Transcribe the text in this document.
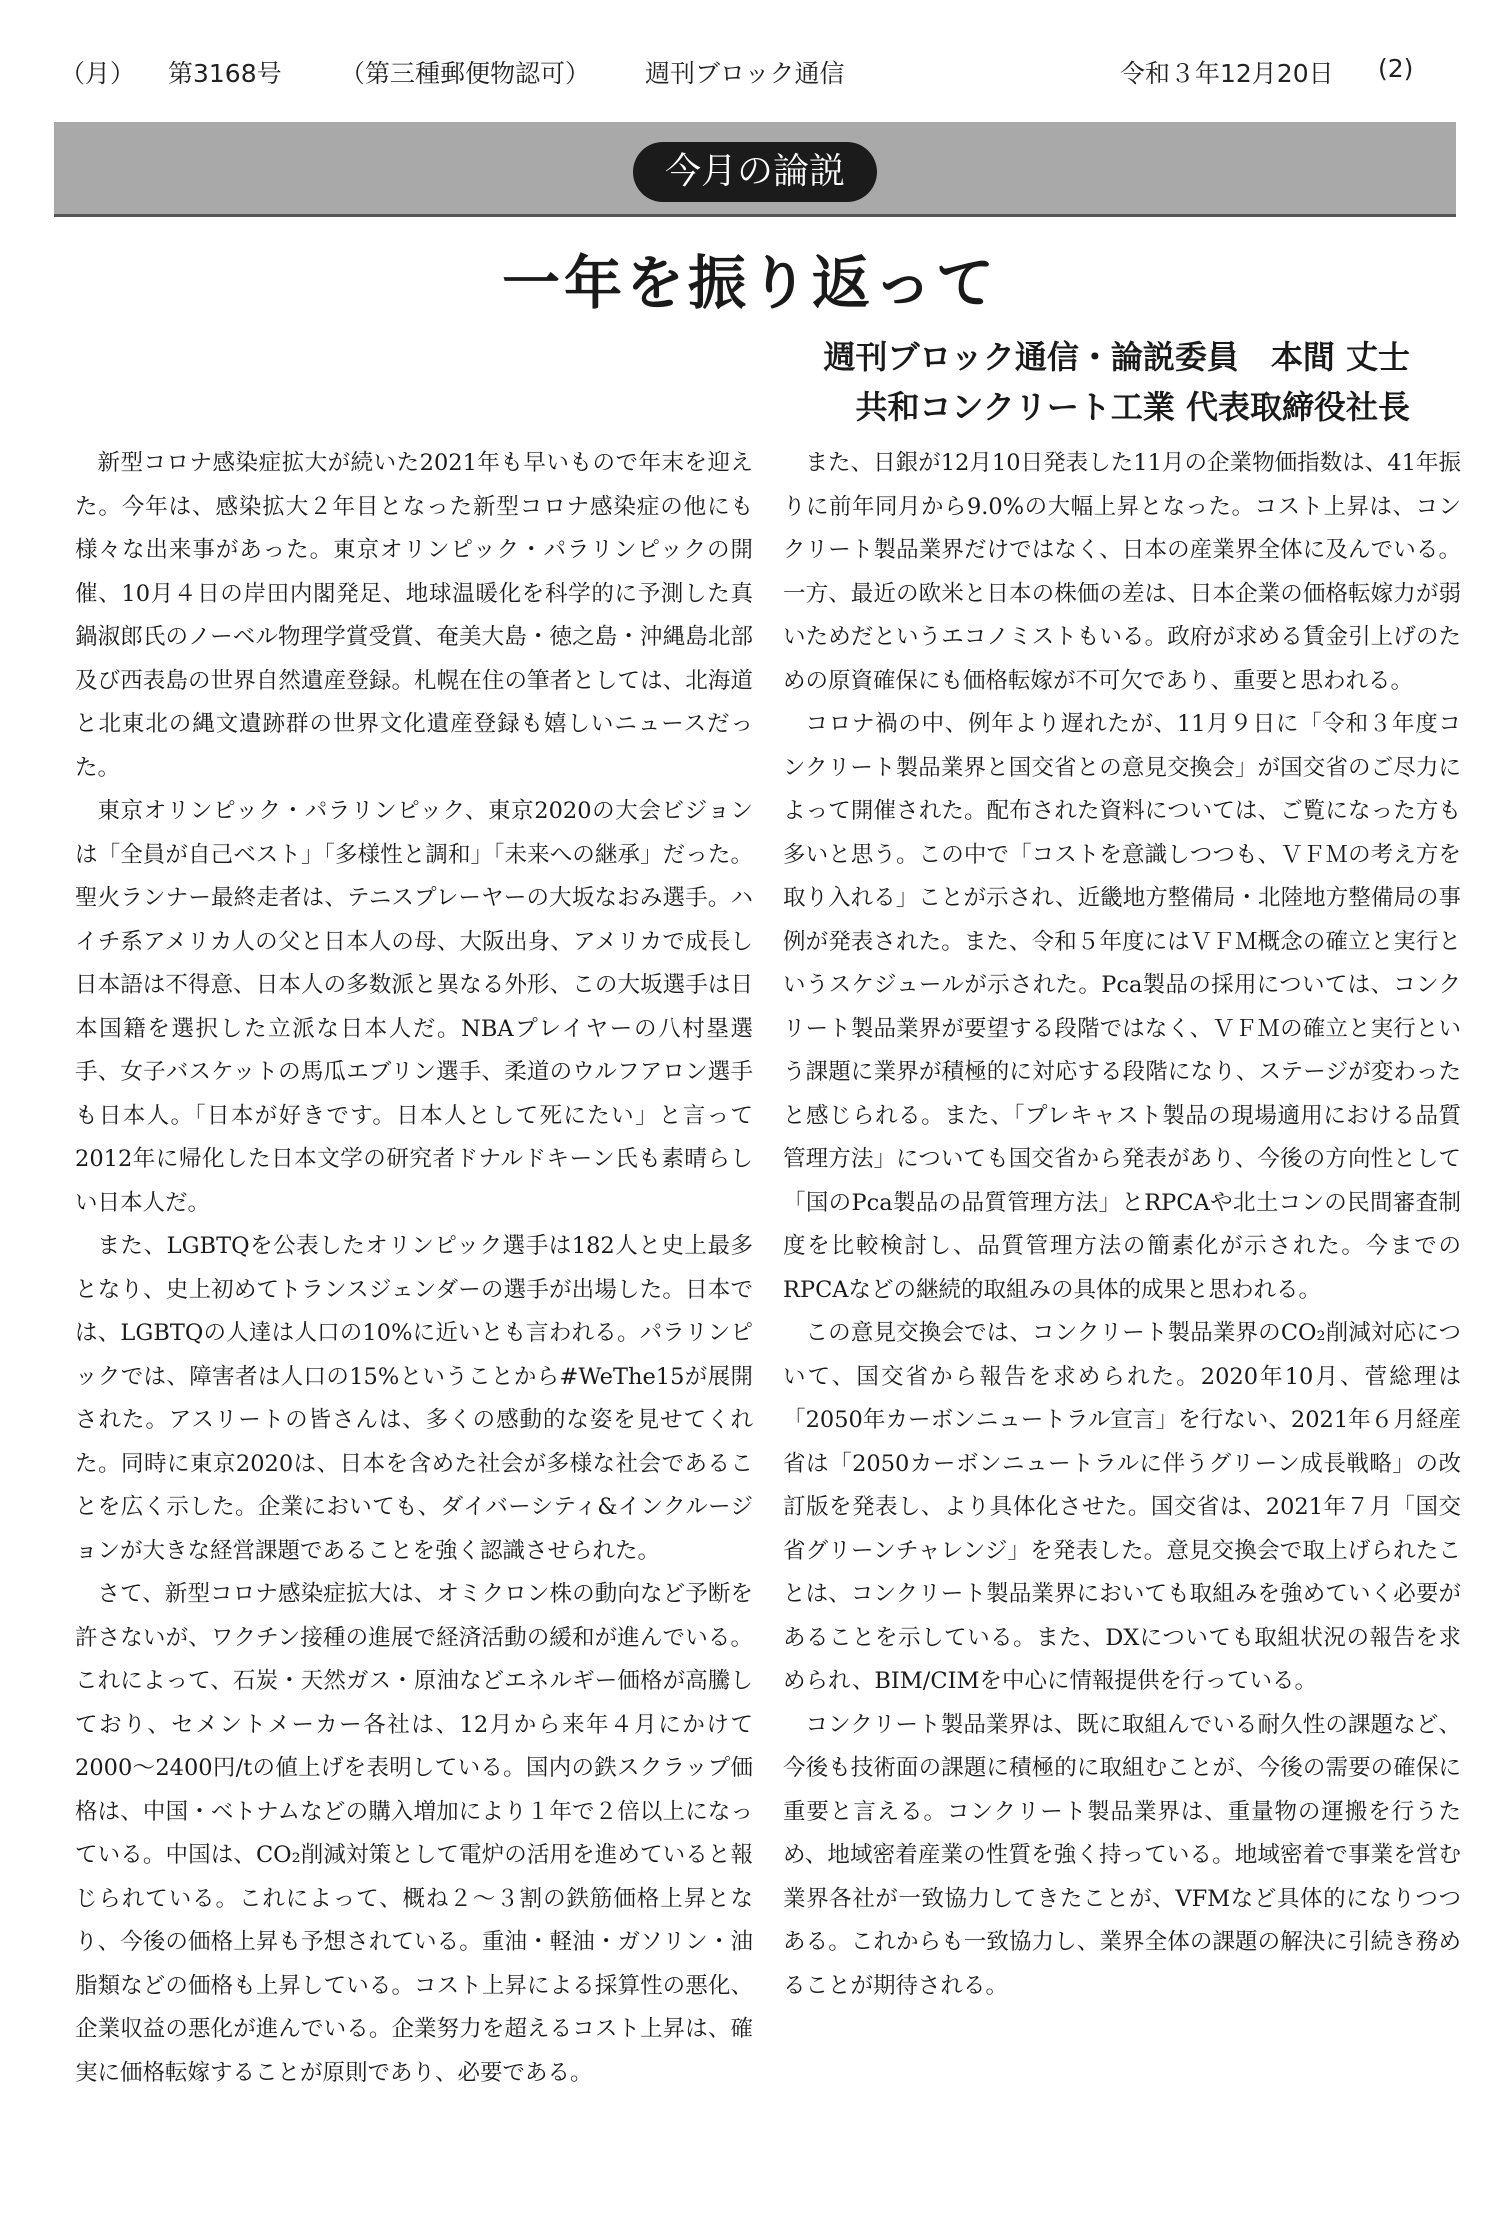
（月） 第3168号 （第三種郵便物認可） 週刊ブロック通信	令和３年12月20日 (2)
今月の論説
一年を振り返って
週刊ブロック通信・論説委員　本間 丈士
共和コンクリート工業 代表取締役社長

新型コロナ感染症拡大が続いた2021年も早いもので年末を迎えた。今年は、感染拡大２年目となった新型コロナ感染症の他にも様々な出来事があった。東京オリンピック・パラリンピックの開催、10月４日の岸田内閣発足、地球温暖化を科学的に予測した真鍋淑郎氏のノーベル物理学賞受賞、奄美大島・徳之島・沖縄島北部及び西表島の世界自然遺産登録。札幌在住の筆者としては、北海道と北東北の縄文遺跡群の世界文化遺産登録も嬉しいニュースだった。

東京オリンピック・パラリンピック、東京2020の大会ビジョンは「全員が自己ベスト」「多様性と調和」「未来への継承」だった。聖火ランナー最終走者は、テニスプレーヤーの大坂なおみ選手。ハイチ系アメリカ人の父と日本人の母、大阪出身、アメリカで成長し日本語は不得意、日本人の多数派と異なる外形、この大坂選手は日本国籍を選択した立派な日本人だ。NBAプレイヤーの八村塁選手、女子バスケットの馬瓜エブリン選手、柔道のウルフアロン選手も日本人。「日本が好きです。日本人として死にたい」と言って2012年に帰化した日本文学の研究者ドナルドキーン氏も素晴らしい日本人だ。

また、LGBTQを公表したオリンピック選手は182人と史上最多となり、史上初めてトランスジェンダーの選手が出場した。日本では、LGBTQの人達は人口の10%に近いとも言われる。パラリンピックでは、障害者は人口の15%ということから#WeThe15が展開された。アスリートの皆さんは、多くの感動的な姿を見せてくれた。同時に東京2020は、日本を含めた社会が多様な社会であることを広く示した。企業においても、ダイバーシティ&インクルージョンが大きな経営課題であることを強く認識させられた。

さて、新型コロナ感染症拡大は、オミクロン株の動向など予断を許さないが、ワクチン接種の進展で経済活動の緩和が進んでいる。これによって、石炭・天然ガス・原油などエネルギー価格が高騰しており、セメントメーカー各社は、12月から来年４月にかけて2000～2400円/tの値上げを表明している。国内の鉄スクラップ価格は、中国・ベトナムなどの購入増加により１年で２倍以上になっている。中国は、CO₂削減対策として電炉の活用を進めていると報じられている。これによって、概ね２～３割の鉄筋価格上昇となり、今後の価格上昇も予想されている。重油・軽油・ガソリン・油脂類などの価格も上昇している。コスト上昇による採算性の悪化、企業収益の悪化が進んでいる。企業努力を超えるコスト上昇は、確実に価格転嫁することが原則であり、必要である。

また、日銀が12月10日発表した11月の企業物価指数は、41年振りに前年同月から9.0%の大幅上昇となった。コスト上昇は、コンクリート製品業界だけではなく、日本の産業界全体に及んでいる。一方、最近の欧米と日本の株価の差は、日本企業の価格転嫁力が弱いためだというエコノミストもいる。政府が求める賃金引上げのための原資確保にも価格転嫁が不可欠であり、重要と思われる。

コロナ禍の中、例年より遅れたが、11月９日に「令和３年度コンクリート製品業界と国交省との意見交換会」が国交省のご尽力によって開催された。配布された資料については、ご覧になった方も多いと思う。この中で「コストを意識しつつも、ＶＦＭの考え方を取り入れる」ことが示され、近畿地方整備局・北陸地方整備局の事例が発表された。また、令和５年度にはＶＦＭ概念の確立と実行というスケジュールが示された。Pca製品の採用については、コンクリート製品業界が要望する段階ではなく、ＶＦＭの確立と実行という課題に業界が積極的に対応する段階になり、ステージが変わったと感じられる。また、「プレキャスト製品の現場適用における品質管理方法」についても国交省から発表があり、今後の方向性として「国のPca製品の品質管理方法」とRPCAや北土コンの民間審査制度を比較検討し、品質管理方法の簡素化が示された。今までのRPCAなどの継続的取組みの具体的成果と思われる。

この意見交換会では、コンクリート製品業界のCO₂削減対応について、国交省から報告を求められた。2020年10月、菅総理は「2050年カーボンニュートラル宣言」を行ない、2021年６月経産省は「2050カーボンニュートラルに伴うグリーン成長戦略」の改訂版を発表し、より具体化させた。国交省は、2021年７月「国交省グリーンチャレンジ」を発表した。意見交換会で取上げられたことは、コンクリート製品業界においても取組みを強めていく必要があることを示している。また、DXについても取組状況の報告を求められ、BIM/CIMを中心に情報提供を行っている。

コンクリート製品業界は、既に取組んでいる耐久性の課題など、今後も技術面の課題に積極的に取組むことが、今後の需要の確保に重要と言える。コンクリート製品業界は、重量物の運搬を行うため、地域密着産業の性質を強く持っている。地域密着で事業を営む業界各社が一致協力してきたことが、VFMなど具体的になりつつある。これからも一致協力し、業界全体の課題の解決に引続き務めることが期待される。
